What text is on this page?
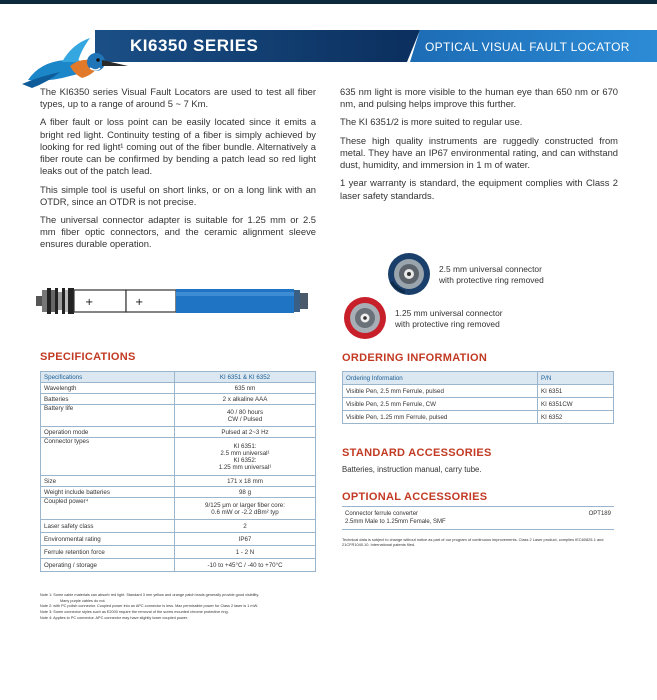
KI6350 SERIES	OPTICAL VISUAL FAULT LOCATOR

The KI6350 series Visual Fault Locators are used to test all fiber types, up to a range of around 5 ~ 7 Km.

A fiber fault or loss point can be easily located since it emits a bright red light. Continuity testing of a fiber is simply achieved by looking for red light¹ coming out of the fiber bundle. Alternatively a fiber route can be confirmed by bending a patch lead so red light leaks out of the patch lead.

This simple tool is useful on short links, or on a long link with an OTDR, since an OTDR is not precise.

The universal connector adapter is suitable for 1.25 mm or 2.5 mm fiber optic connectors, and the ceramic alignment sleeve ensures durable operation.

635 nm light is more visible to the human eye than 650 nm or 670 nm, and pulsing helps improve this further.

The KI 6351/2 is more suited to regular use.

These high quality instruments are ruggedly constructed from metal. They have an IP67 environmental rating, and can withstand dust, humidity, and immersion in 1 m of water.

1 year warranty is standard, the equipment complies with Class 2 laser safety standards.

2.5 mm universal connector
with protective ring removed
1.25 mm universal connector
with protective ring removed
+	+
SPECIFICATIONS
Specifications	KI 6351 & KI 6352
Wavelength	635 nm
Batteries	2 x alkaline AAA
Battery life	40 / 80 hours
CW / Pulsed

Operation mode	Pulsed at 2~3 Hz
Connector types	KI 6351:
2.5 mm universal¹
KI 6352:
1.25 mm universal¹

Size	171 x 18 mm
Weight include batteries	98 g
Coupled power⁴	9/125 μm or larger fiber core:
0.6 mW or -2.2 dBm² typ

Laser safety class	2
Environmental rating	IP67
Ferrule retention force	1 - 2 N
Operating / storage	-10 to +45°C / -40 to +70°C
Note 1: Some cable materials can absorb red light. Standard 3 mm yellow and orange patch leads generally provide good visibility.
Many purple cables do not.
Note 2: with PC polish connector. Coupled power into an APC connector is less. Max permissible power for Class 2 laser is 1 mW.
Note 3: Some connector styles such as E2000 require the removal of the screw mounted chrome protective ring.
Note 4: Applies to PC connector. APC connector may have slightly lower coupled power.
ORDERING INFORMATION
Ordering Information	P/N
Visible Pen, 2.5 mm Ferrule, pulsed	KI 6351
Visible Pen, 2.5 mm Ferrule, CW	KI 6351CW
Visible Pen, 1.25 mm Ferrule, pulsed	KI 6352
STANDARD ACCESSORIES
Batteries, instruction manual, carry tube.
OPTIONAL ACCESSORIES
Connector ferrule converter
2.5mm Male to 1.25mm Female, SMF
	OPT189
Technical data is subject to change without notice as part of our program of continuous improvements. Class 2 Laser product, complies IEC60825-1 and 21CFR1040.10. International patents filed.
